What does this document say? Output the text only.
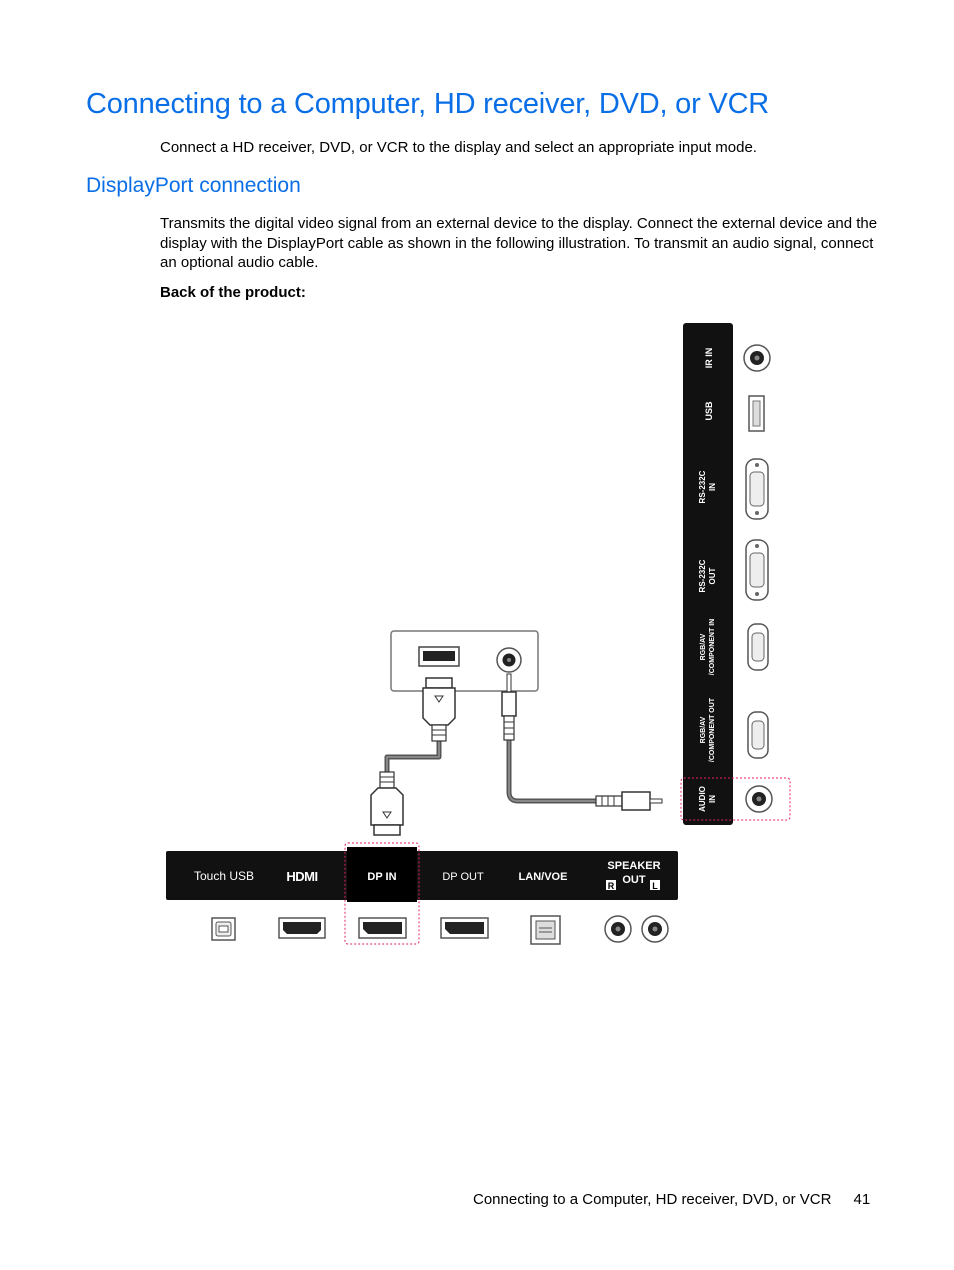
Connecting to a Computer, HD receiver, DVD, or VCR
Connect a HD receiver, DVD, or VCR to the display and select an appropriate input mode.
DisplayPort connection
Transmits the digital video signal from an external device to the display. Connect the external device and the display with the DisplayPort cable as shown in the following illustration. To transmit an audio signal, connect an optional audio cable.
Back of the product:
IR IN
USB
RS-232C IN
RS-232C OUT
RGB/AV /COMPONENT IN
RGB/AV /COMPONENT OUT
AUDIO IN
Touch USB HDMI	DP IN	DP OUT	LAN/VOE
SPEAKER
R OUT L
Connecting to a Computer, HD receiver, DVD, or VCR 41
